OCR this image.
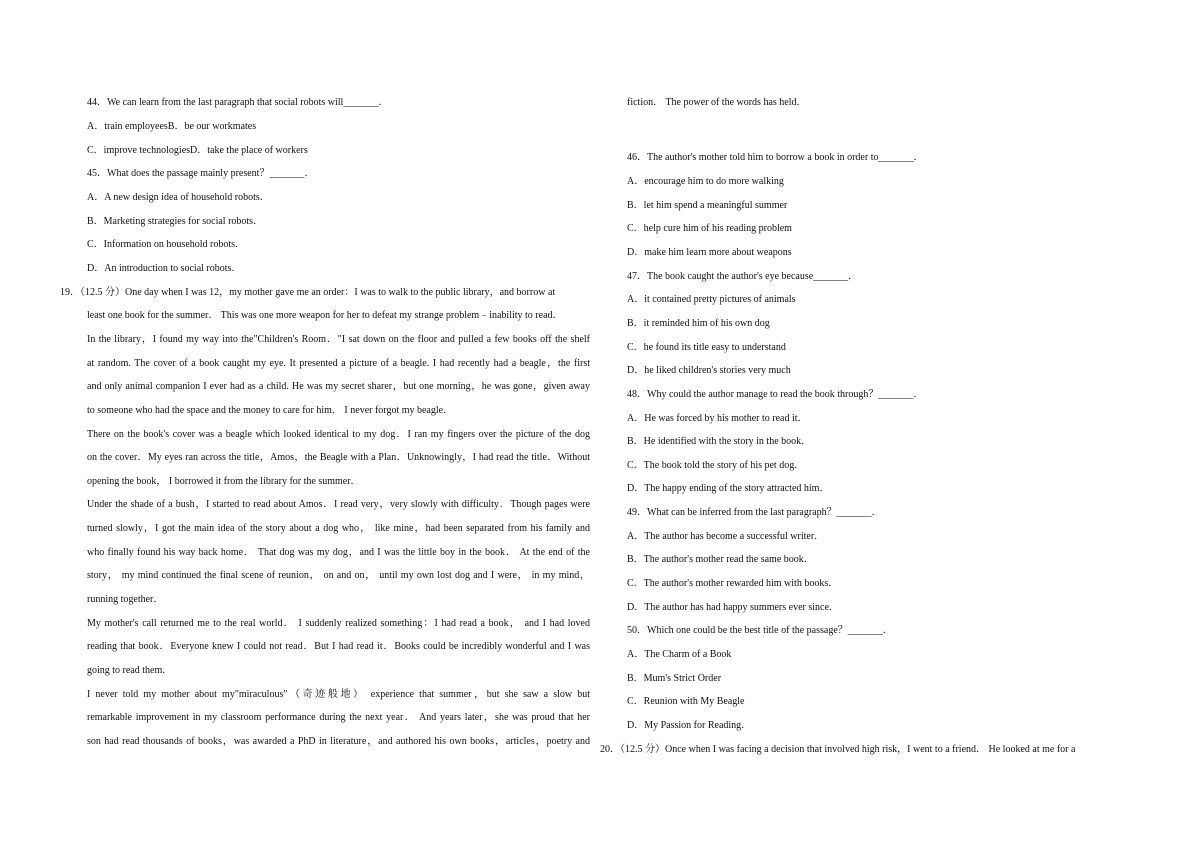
44．We can learn from the last paragraph that social robots will_______．
A．train employeesB．be our workmates
C．improve technologiesD．take the place of workers
45．What does the passage mainly present？_______．
A．A new design idea of household robots．
B．Marketing strategies for social robots．
C．Information on household robots．
D．An introduction to social robots．
19．（12.5 分）One day when I was 12，my mother gave me an order：I was to walk to the public library，and borrow at
least one book for the summer． This was one more weapon for her to defeat my strange problem﹣inability to read．
In the library，I found my way into the"Children's Room．"I sat down on the floor and pulled a few books off the shelf
at random. The cover of a book caught my eye. It presented a picture of a beagle. I had recently had a beagle，the first
and only animal companion I ever had as a child. He was my secret sharer，but one morning，he was gone，given away
to someone who had the space and the money to care for him． I never forgot my beagle．
There on the book's cover was a beagle which looked identical to my dog．I ran my fingers over the picture of the dog
on the cover．My eyes ran across the title，Amos，the Beagle with a Plan．Unknowingly，I had read the title．Without
opening the book， I borrowed it from the library for the summer．
Under the shade of a bush，I started to read about Amos．I read very，very slowly with difficulty．Though pages were
turned slowly，I got the main idea of the story about a dog who， like mine，had been separated from his family and
who finally found his way back home． That dog was my dog，and I was the little boy in the book． At the end of the
story， my mind continued the final scene of reunion， on and on， until my own lost dog and I were， in my mind，
running together．
My mother's call returned me to the real world． I suddenly realized something：I had read a book， and I had loved
reading that book．Everyone knew I could not read．But I had read it．Books could be incredibly wonderful and I was
going to read them．
I never told my mother about my"miraculous"（奇迹般地） experience that summer，but she saw a slow but
remarkable improvement in my classroom performance during the next year． And years later，she was proud that her
son had read thousands of books，was awarded a PhD in literature，and authored his own books，articles，poetry and
fiction． The power of the words has held．
46．The author's mother told him to borrow a book in order to_______．
A．encourage him to do more walking
B．let him spend a meaningful summer
C．help cure him of his reading problem
D．make him learn more about weapons
47．The book caught the author's eye because_______．
A．it contained pretty pictures of animals
B．it reminded him of his own dog
C．he found its title easy to understand
D．he liked children's stories very much
48．Why could the author manage to read the book through？_______．
A．He was forced by his mother to read it．
B．He identified with the story in the book．
C．The book told the story of his pet dog．
D．The happy ending of the story attracted him．
49．What can be inferred from the last paragraph？_______．
A．The author has become a successful writer．
B．The author's mother read the same book．
C．The author's mother rewarded him with books．
D．The author has had happy summers ever since．
50．Which one could be the best title of the passage？_______．
A．The Charm of a Book
B．Mum's Strict Order
C．Reunion with My Beagle
D．My Passion for Reading．
20．（12.5 分）Once when I was facing a decision that involved high risk，I went to a friend． He looked at me for a
